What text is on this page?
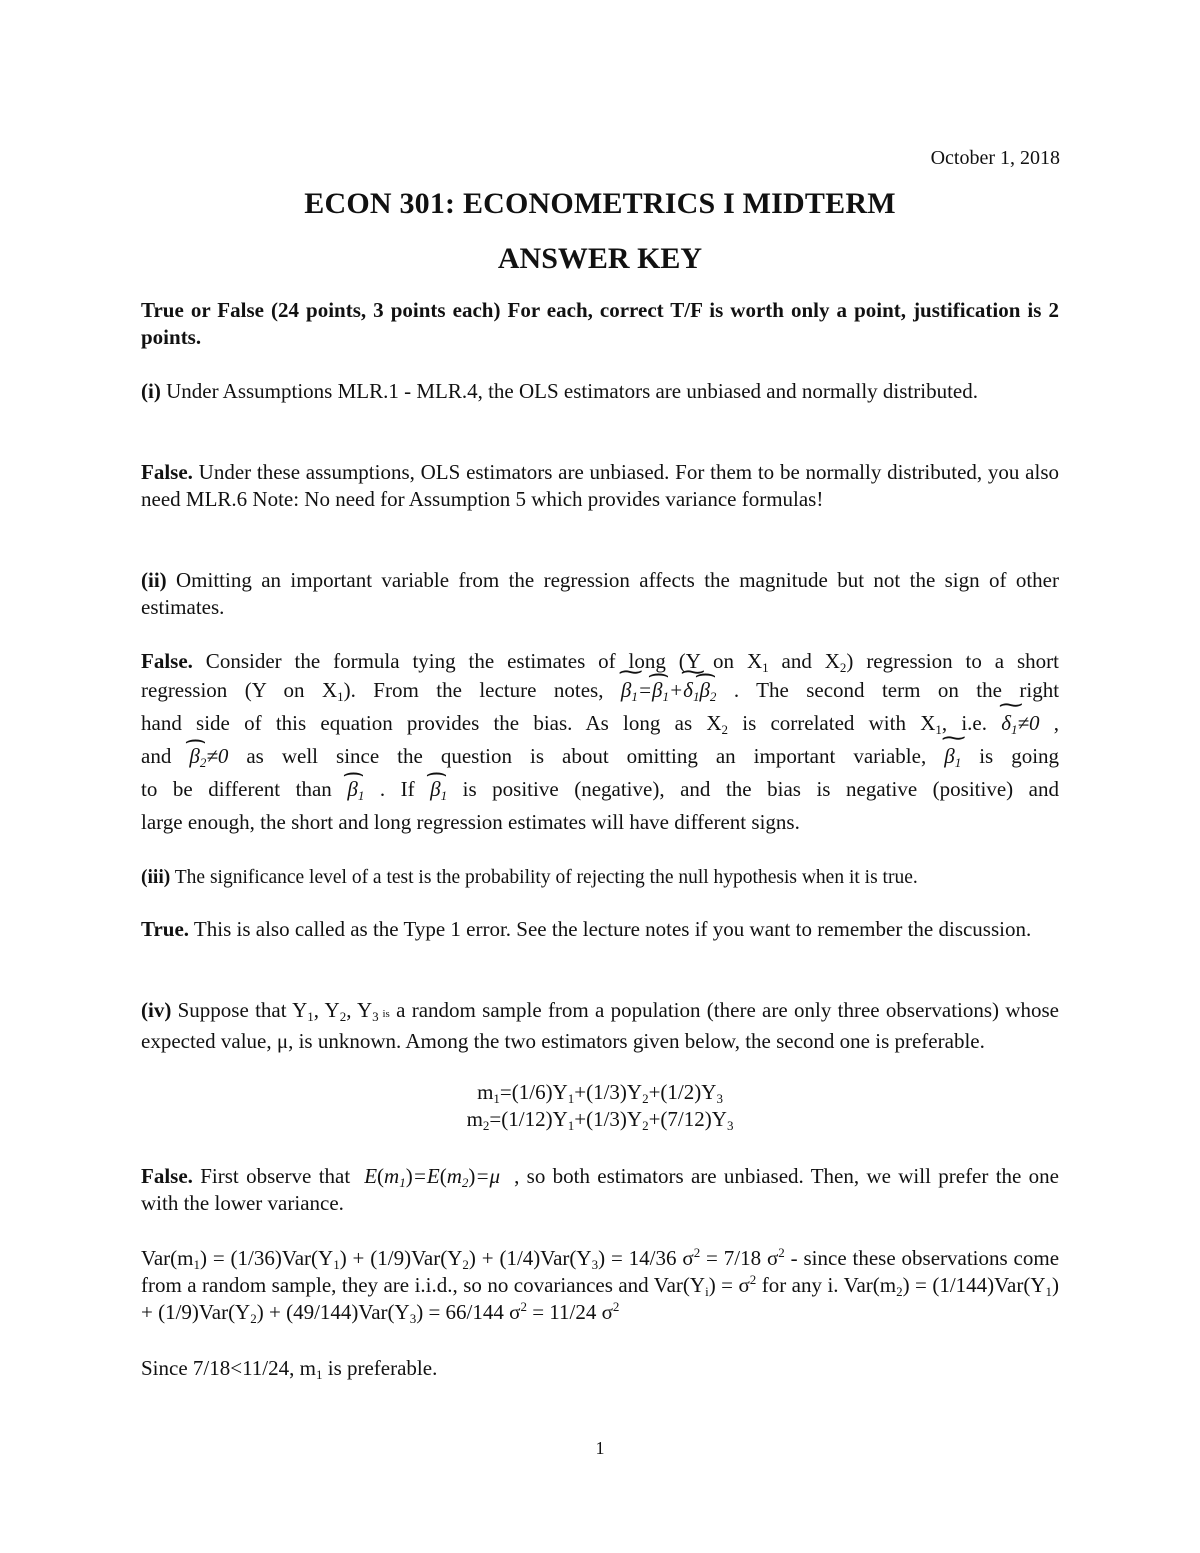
October 1, 2018
ECON 301: ECONOMETRICS I MIDTERM
ANSWER KEY
True or False (24 points, 3 points each) For each, correct T/F is worth only a point, justification is 2 points.
(i) Under Assumptions MLR.1 - MLR.4, the OLS estimators are unbiased and normally distributed.
False. Under these assumptions, OLS estimators are unbiased. For them to be normally distributed, you also need MLR.6 Note: No need for Assumption 5 which provides variance formulas!
(ii) Omitting an important variable from the regression affects the magnitude but not the sign of other estimates.
False. Consider the formula tying the estimates of long (Y on $X_1$ and $X_2$) regression to a short
regression (Y on $X_1$). From the lecture notes, ∼ $\beta_1=⌢$ $\beta_1+\sim$ $\delta_1⌢$ $\beta_2$ . The second term on the right
hand side of this equation provides the bias. As long as $X_2$ is correlated with $X_1$, i.e. ∼ $\delta_1\ne 0$ ,
and ⌢ $\beta_2\ne 0$ as well since the question is about omitting an important variable, ∼ $\beta_1$ is going
to be different than ⌢ $\beta_1$ . If ⌢ $\beta_1$ is positive (negative), and the bias is negative (positive) and
large enough, the short and long regression estimates will have different signs.
(iii) The significance level of a test is the probability of rejecting the null hypothesis when it is true.
True. This is also called as the Type 1 error. See the lecture notes if you want to remember the discussion.
(iv) Suppose that $Y_1$, $Y_2$, $Y_3$ is a random sample from a population (there are only three observations) whose expected value, μ, is unknown. Among the two estimators given below, the second one is preferable.
$m_1=(1/6)Y_1+(1/3)Y_2+(1/2)Y_3$
$m_2=(1/12)Y_1+(1/3)Y_2+(7/12)Y_3$
False. First observe that $E(m_1)=E(m_2)=\mu$ , so both estimators are unbiased. Then, we will prefer the one with the lower variance.
$Var(m_1) = (1/36)Var(Y_1) + (1/9)Var(Y_2) + (1/4)Var(Y_3) = 14/36$ $\sigma^2 = 7/18$ $\sigma^2$ - since these observations come from a random sample, they are i.i.d., so no covariances and $Var(Y_i) = \sigma^2$ for any i. $Var(m_2) = (1/144)Var(Y_1) + (1/9)Var(Y_2) + (49/144)Var(Y_3) = 66/144$ $\sigma^2 = 11/24$ $\sigma^2$
Since 7/18<11/24, $m_1$ is preferable.
1
